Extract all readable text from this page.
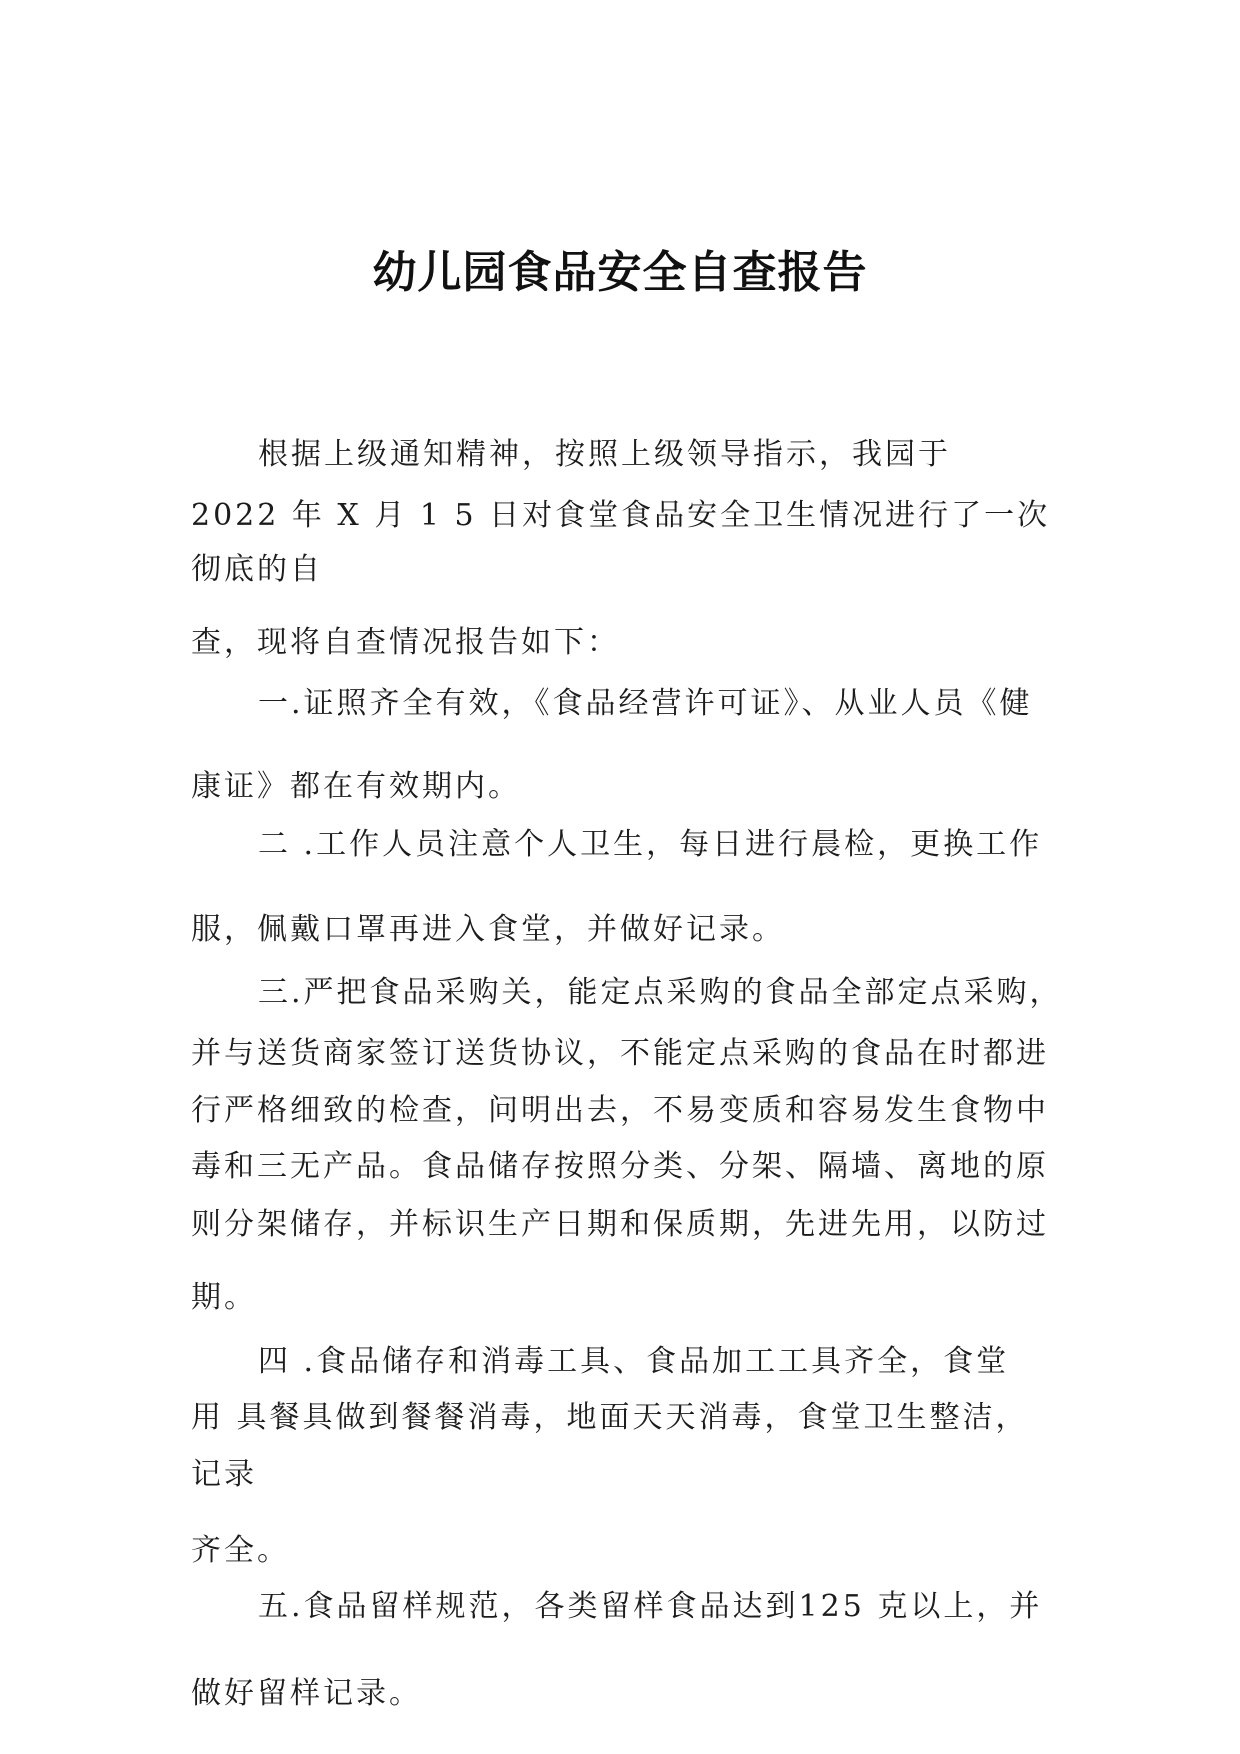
幼儿园食品安全自查报告

根据上级通知精神，按照上级领导指示，我园于

2022 年 X 月 1 5 日对食堂食品安全卫生情况进行了一次

彻底的自

查，现将自查情况报告如下：

一.证照齐全有效，《食品经营许可证》、从业人员《健

康证》都在有效期内。

二 .工作人员注意个人卫生，每日进行晨检，更换工作

服，佩戴口罩再进入食堂，并做好记录。

三.严把食品采购关，能定点采购的食品全部定点采购，

并与送货商家签订送货协议，不能定点采购的食品在时都进

行严格细致的检查，问明出去，不易变质和容易发生食物中

毒和三无产品。食品储存按照分类、分架、隔墙、离地的原

则分架储存，并标识生产日期和保质期，先进先用，以防过

期。

四 .食品储存和消毒工具、食品加工工具齐全，食堂

用 具餐具做到餐餐消毒，地面天天消毒，食堂卫生整洁，

记录

齐全。

五.食品留样规范，各类留样食品达到125 克以上，并

做好留样记录。
